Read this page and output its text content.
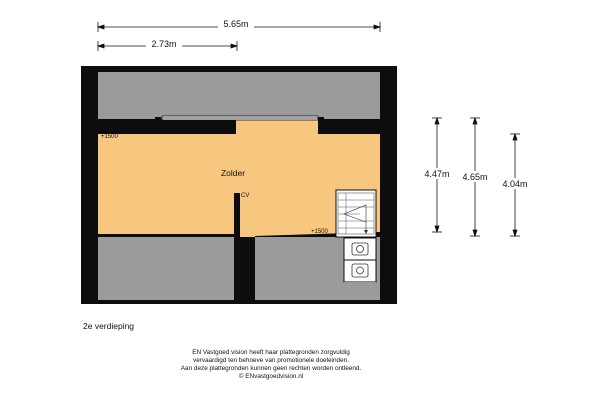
5.65m
2.73m
+1500
Zolder
CV
+1500
4.47m 4.65m
4.04m
2e verdieping
EN Vastgoed vision heeft haar plattegronden zorgvuldig
vervaardigd ten behoeve van promotionele doeleinden.
Aan deze plattegronden kunnen geen rechten worden ontleend.
© ENvastgoedvision.nl
